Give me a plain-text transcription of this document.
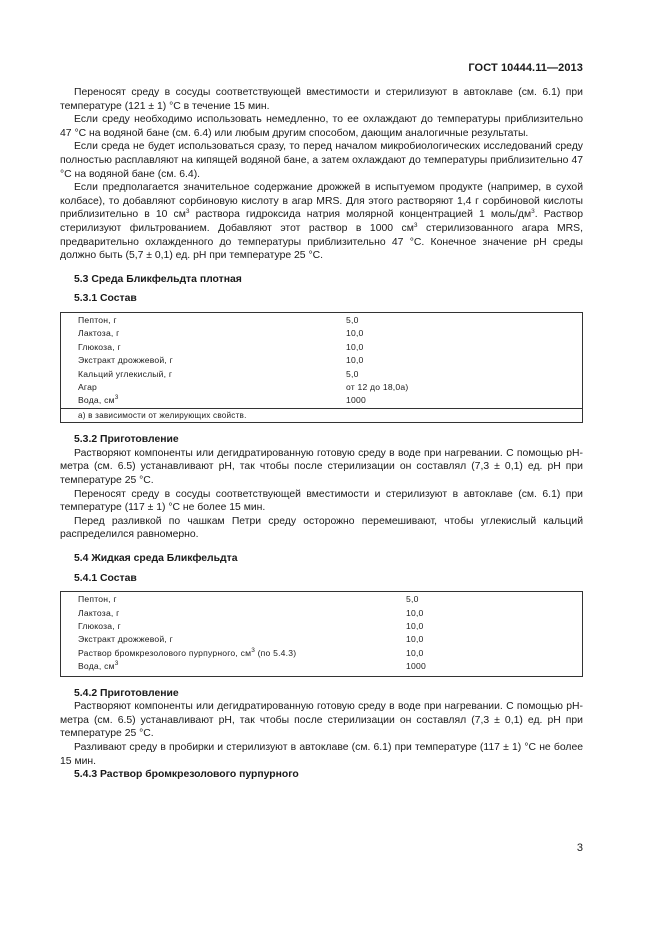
ГОСТ 10444.11—2013

Переносят среду в сосуды соответствующей вместимости и стерилизуют в автоклаве (см. 6.1) при температуре (121 ± 1) °С в течение 15 мин.

Если среду необходимо использовать немедленно, то ее охлаждают до температуры приблизительно 47 °С на водяной бане (см. 6.4) или любым другим способом, дающим аналогичные результаты.

Если среда не будет использоваться сразу, то перед началом микробиологических исследований среду полностью расплавляют на кипящей водяной бане, а затем охлаждают до температуры приблизительно 47 °С на водяной бане (см. 6.4).

Если предполагается значительное содержание дрожжей в испытуемом продукте (например, в сухой колбасе), то добавляют сорбиновую кислоту в агар MRS. Для этого растворяют 1,4 г сорбиновой кислоты приблизительно в 10 $см^3$ раствора гидроксида натрия молярной концентрацией 1 моль/$дм^3$. Раствор стерилизуют фильтрованием. Добавляют этот раствор в 1000 $см^3$ стерилизованного агара MRS, предварительно охлажденного до температуры приблизительно 47 °С. Конечное значение рН среды должно быть (5,7 ± 0,1) ед. рН при температуре 25 °С.

5.3 Среда Бликфельдта плотная

5.3.1 Состав

Пептон, г	5,0
Лактоза, г	10,0
Глюкоза, г	10,0
Экстракт дрожжевой, г	10,0
Кальций углекислый, г	5,0
Агар	от 12 до 18,0а)
Вода, $см^3$	1000
а) в зависимости от желирующих свойств.	

5.3.2 Приготовление

Растворяют компоненты или дегидратированную готовую среду в воде при нагревании. С помощью рН-метра (см. 6.5) устанавливают рН, так чтобы после стерилизации он составлял (7,3 ± 0,1) ед. рН при температуре 25 °С.

Переносят среду в сосуды соответствующей вместимости и стерилизуют в автоклаве (см. 6.1) при температуре (117 ± 1) °С не более 15 мин.

Перед разливкой по чашкам Петри среду осторожно перемешивают, чтобы углекислый кальций распределился равномерно.

5.4 Жидкая среда Бликфельдта

5.4.1 Состав

Пептон, г	5,0
Лактоза, г	10,0
Глюкоза, г	10,0
Экстракт дрожжевой, г	10,0
Раствор бромкрезолового пурпурного, $см^3$ (по 5.4.3)	10,0
Вода, $см^3$	1000

5.4.2 Приготовление

Растворяют компоненты или дегидратированную готовую среду в воде при нагревании. С помощью рН-метра (см. 6.5) устанавливают рН, так чтобы после стерилизации он составлял (7,3 ± 0,1) ед. рН при температуре 25 °С.

Разливают среду в пробирки и стерилизуют в автоклаве (см. 6.1) при температуре (117 ± 1) °С не более 15 мин.

5.4.3 Раствор бромкрезолового пурпурного

3
